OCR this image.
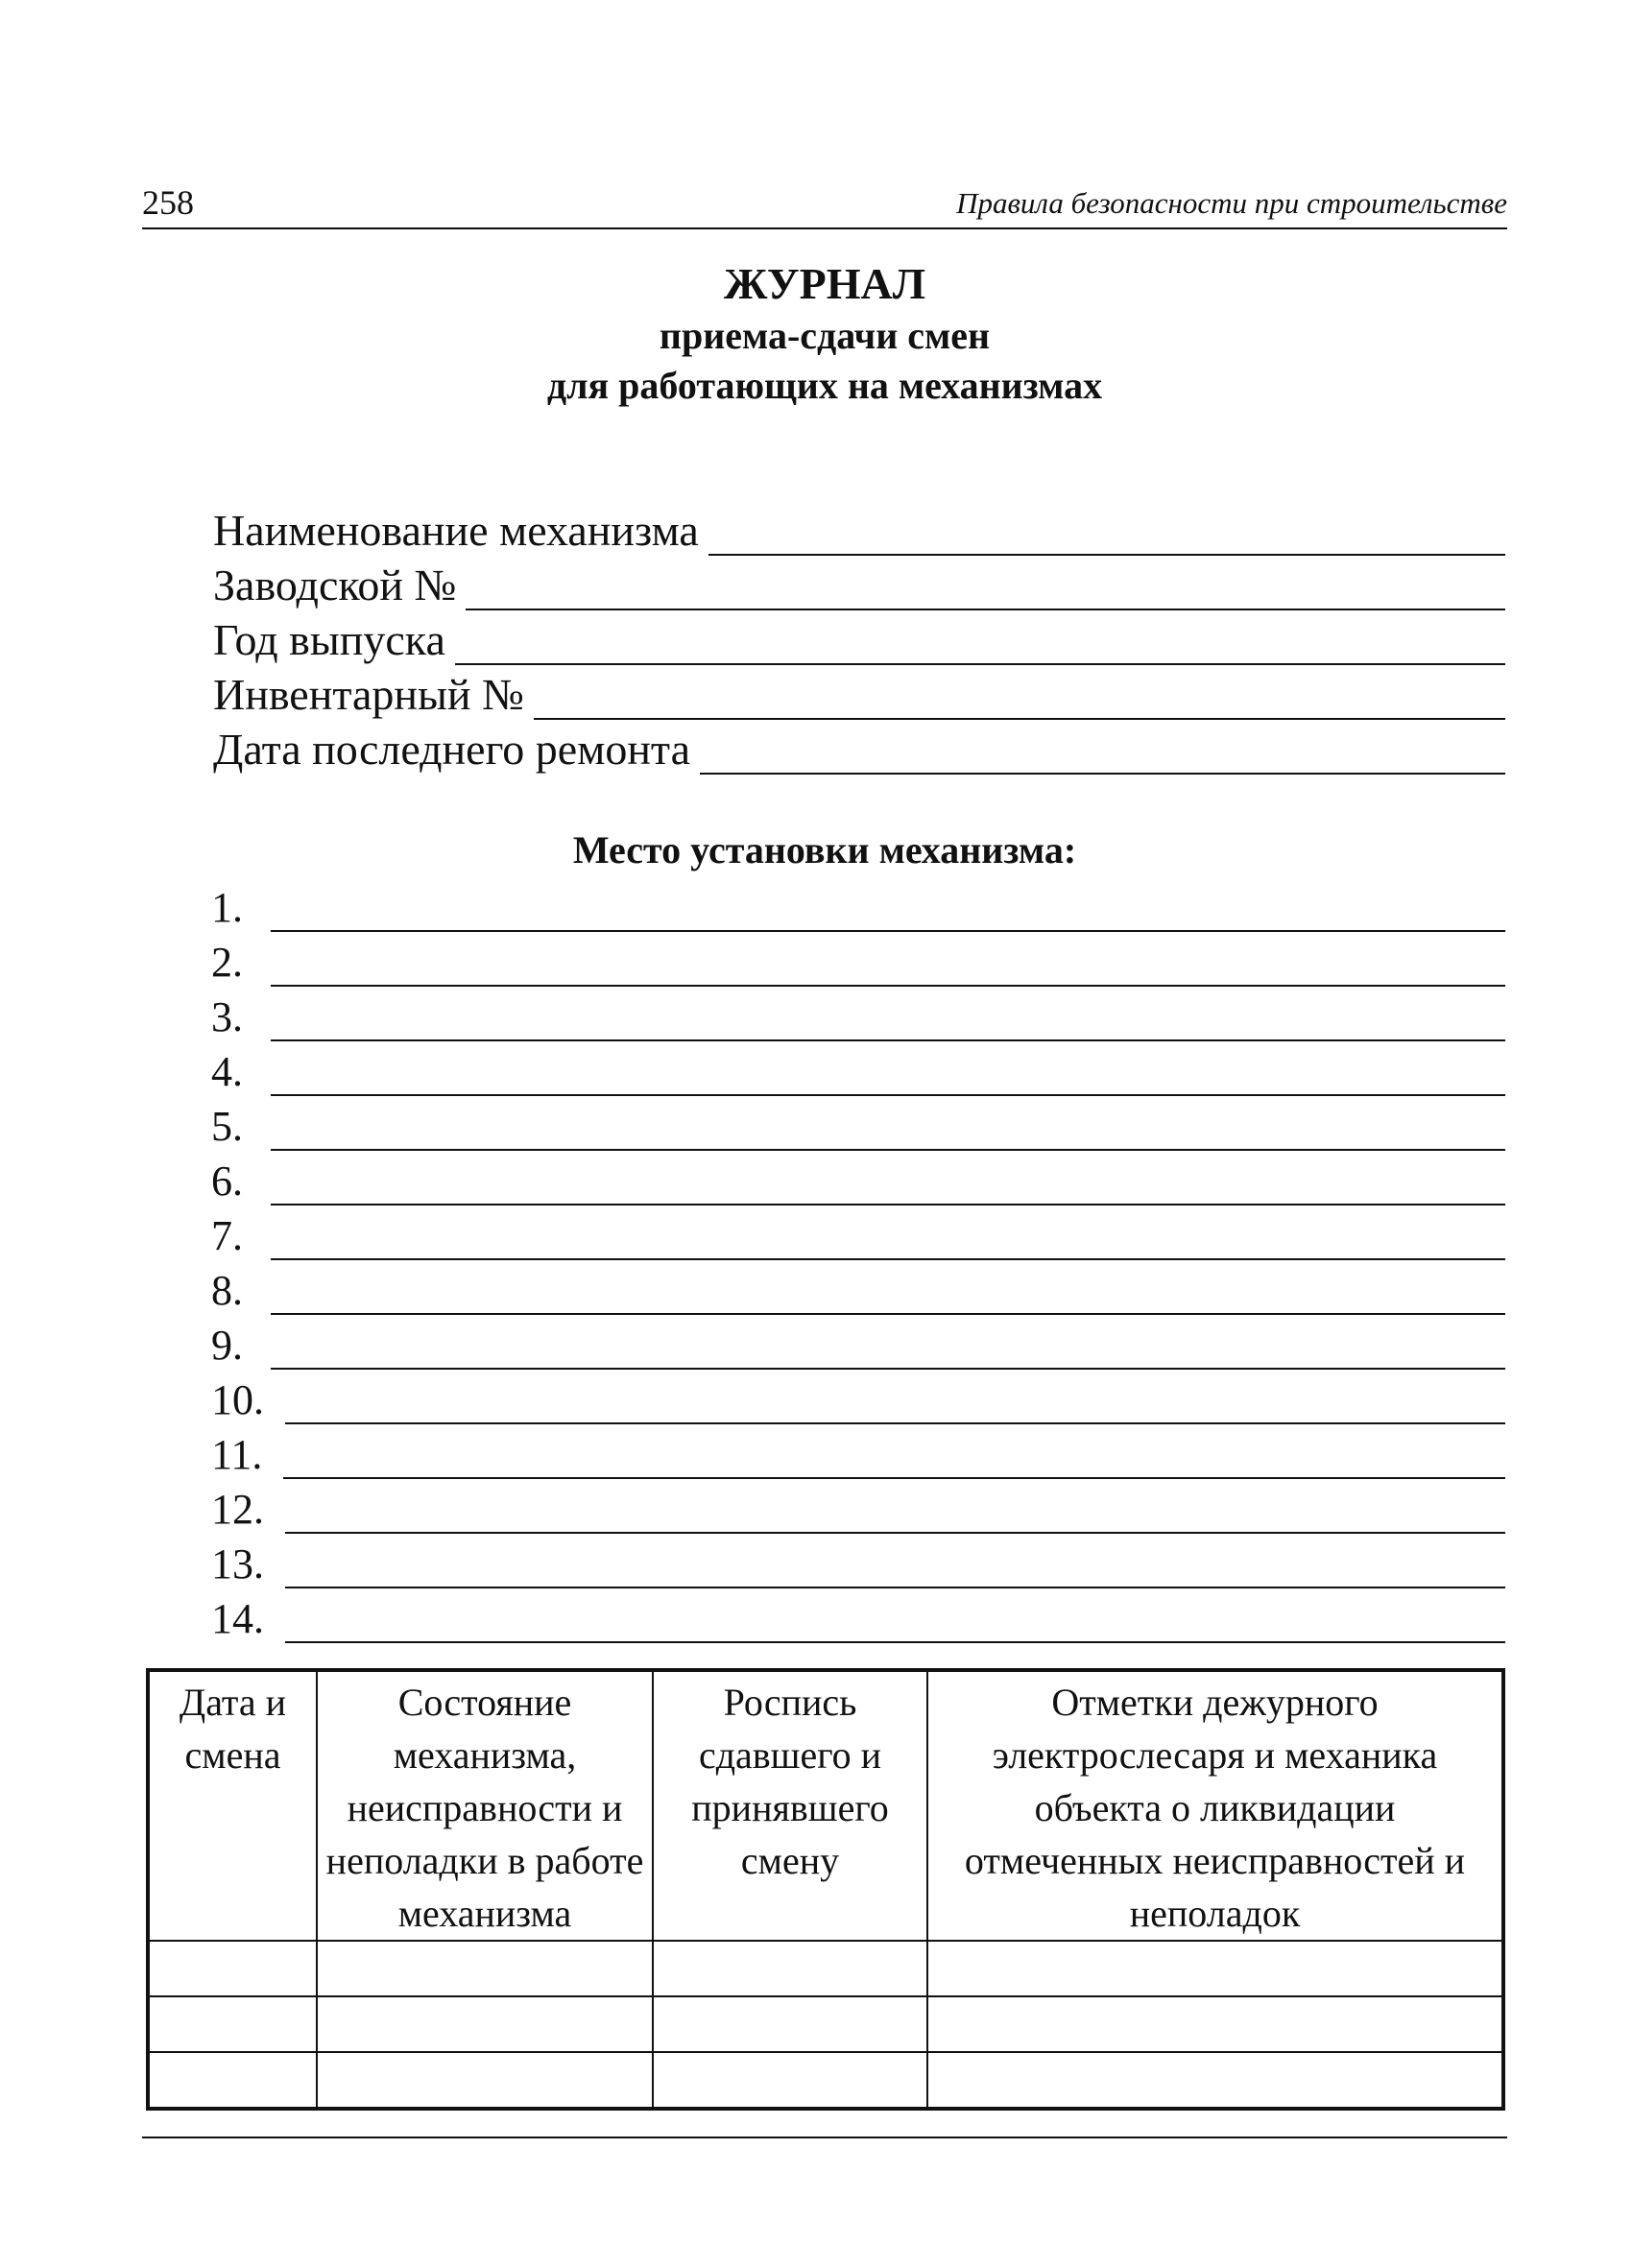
258	Правила безопасности при строительстве
ЖУРНАЛ
приема-сдачи смен
для работающих на механизмах
Наименование механизма
Заводской №
Год выпуска
Инвентарный №
Дата последнего ремонта
Место установки механизма:
1.
2.
3.
4.
5.
6.
7.
8.
9.
10.
11.
12.
13.
14.
Дата и смена	Состояние механизма, неисправности и неполадки в работе механизма	Роспись сдавшего и принявшего смену	Отметки дежурного электрослесаря и механика объекта о ликвидации отмеченных неисправностей и неполадок
